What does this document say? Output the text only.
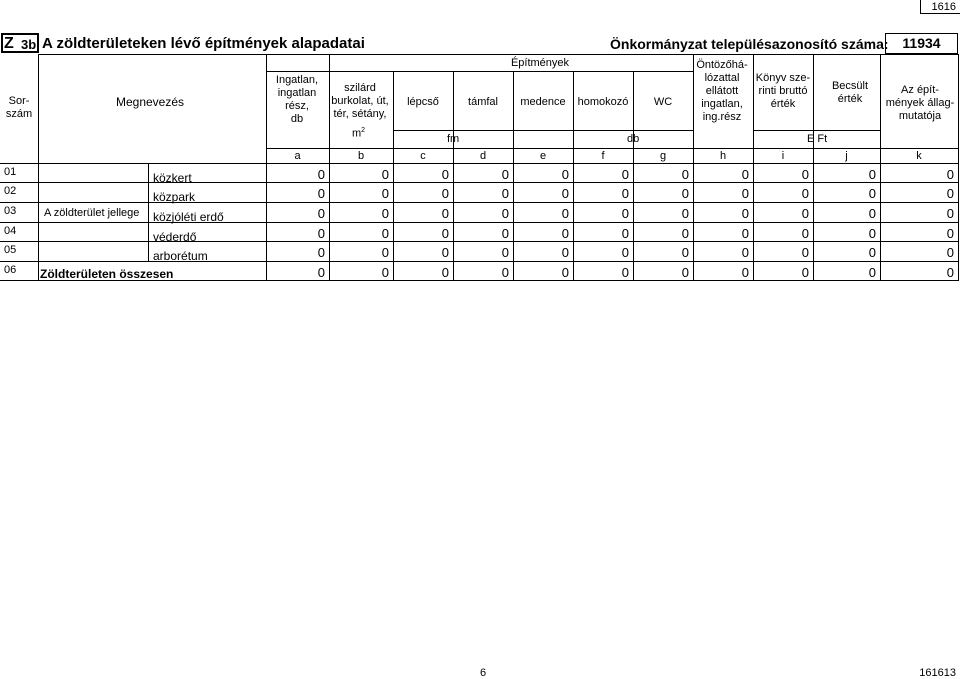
1616
Z 3b A zöldterületeken lévő építmények alapadatai	Önkormányzat településazonosító száma: 11934
Sor-
szám
Megnevezés
Ingatlan,
ingatlan
rész,
db
Építmények
szilárd
burkolat, út,
tér, sétány,
$m^2$
lépcső	támfal	medence	homokozó	WC
Öntözőhá-
lózattal
ellátott
ingatlan,
ing.rész
Könyv sze-
rinti bruttó
érték
Becsült
érték
Az épít-
mények állag-
mutatója
fm	db	E Ft
a	b	c	d	e	f	g	h	i	j	k
A zöldterület jellege
01	közkert	0	0	0	0	0	0	0	0	0	0	0
02	közpark	0	0	0	0	0	0	0	0	0	0	0
03	közjóléti erdő	0	0	0	0	0	0	0	0	0	0	0
04	véderdő	0	0	0	0	0	0	0	0	0	0	0
05	arborétum	0	0	0	0	0	0	0	0	0	0	0
06 Zöldterületen összesen	0	0	0	0	0	0	0	0	0	0	0
6	161613
